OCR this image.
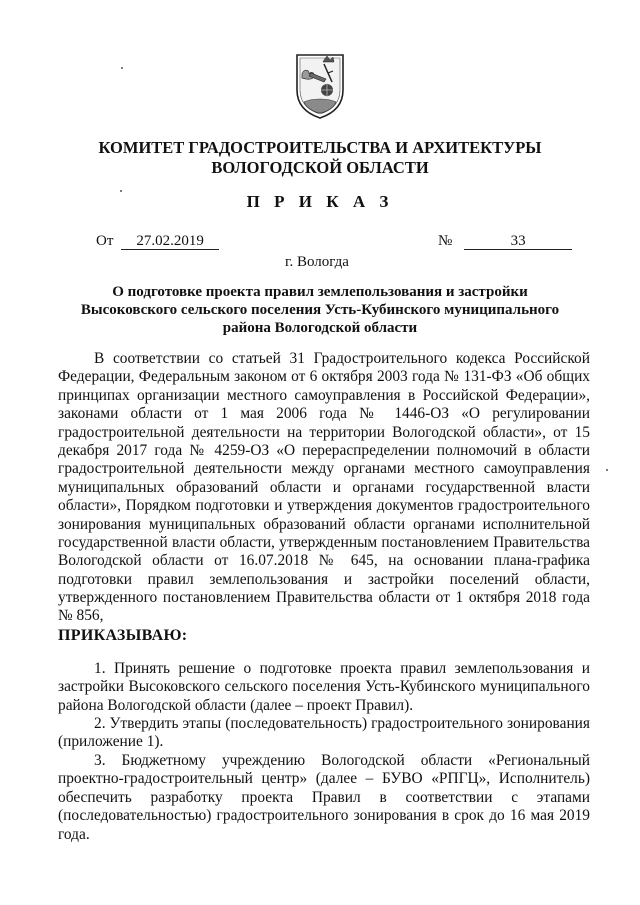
КОМИТЕТ ГРАДОСТРОИТЕЛЬСТВА И АРХИТЕКТУРЫ
ВОЛОГОДСКОЙ ОБЛАСТИ
П Р И К А З
От 27.02.2019	№	33
г. Вологда
О подготовке проекта правил землепользования и застройки
Высоковского сельского поселения Усть-Кубинского муниципального
района Вологодской области
В соответствии со статьей 31 Градостроительного кодекса Российской
Федерации, Федеральным законом от 6 октября 2003 года № 131-ФЗ «Об общих
принципах организации местного самоуправления в Российской Федерации»,
законами области от 1 мая 2006 года № 1446-ОЗ «О регулировании
градостроительной деятельности на территории Вологодской области», от 15
декабря 2017 года № 4259-ОЗ «О перераспределении полномочий в области
градостроительной деятельности между органами местного самоуправления
муниципальных образований области и органами государственной власти
области», Порядком подготовки и утверждения документов градостроительного
зонирования муниципальных образований области органами исполнительной
государственной власти области, утвержденным постановлением Правительства
Вологодской области от 16.07.2018 № 645, на основании плана-графика
подготовки правил землепользования и застройки поселений области,
утвержденного постановлением Правительства области от 1 октября 2018 года
№ 856,
ПРИКАЗЫВАЮ:
1. Принять решение о подготовке проекта правил землепользования и
застройки Высоковского сельского поселения Усть-Кубинского муниципального
района Вологодской области (далее – проект Правил).
2. Утвердить этапы (последовательность) градостроительного зонирования
(приложение 1).
3. Бюджетному учреждению Вологодской области «Региональный
проектно-градостроительный центр» (далее – БУВО «РПГЦ», Исполнитель)
обеспечить разработку проекта Правил в соответствии с этапами
(последовательностью) градостроительного зонирования в срок до 16 мая 2019
года.
